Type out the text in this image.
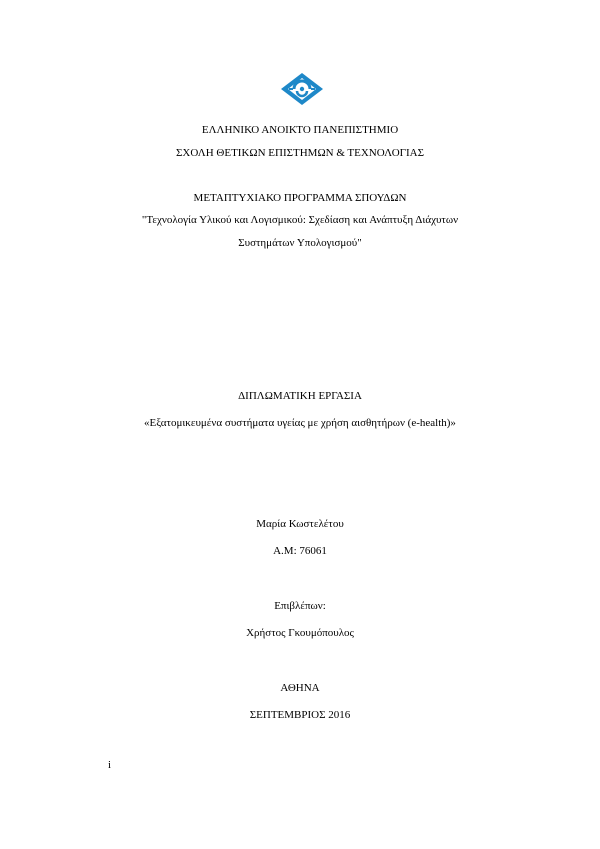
ΕΛΛΗΝΙΚΟ ΑΝΟΙΚΤΟ ΠΑΝΕΠΙΣΤΗΜΙΟ
ΣΧΟΛΗ ΘΕΤΙΚΩΝ ΕΠΙΣΤΗΜΩΝ & ΤΕΧΝΟΛΟΓΙΑΣ
ΜΕΤΑΠΤΥΧΙΑΚΟ ΠΡΟΓΡΑΜΜΑ ΣΠΟΥΔΩΝ
"Τεχνολογία Υλικού και Λογισμικού: Σχεδίαση και Ανάπτυξη Διάχυτων
Συστημάτων Υπολογισμού"
ΔΙΠΛΩΜΑΤΙΚΗ ΕΡΓΑΣΙΑ
«Εξατομικευμένα συστήματα υγείας με χρήση αισθητήρων (e-health)»
Μαρία Κωστελέτου
Α.Μ: 76061
Επιβλέπων:
Χρήστος Γκουμόπουλος
ΑΘΗΝΑ
ΣΕΠΤΕΜΒΡΙΟΣ 2016
i
